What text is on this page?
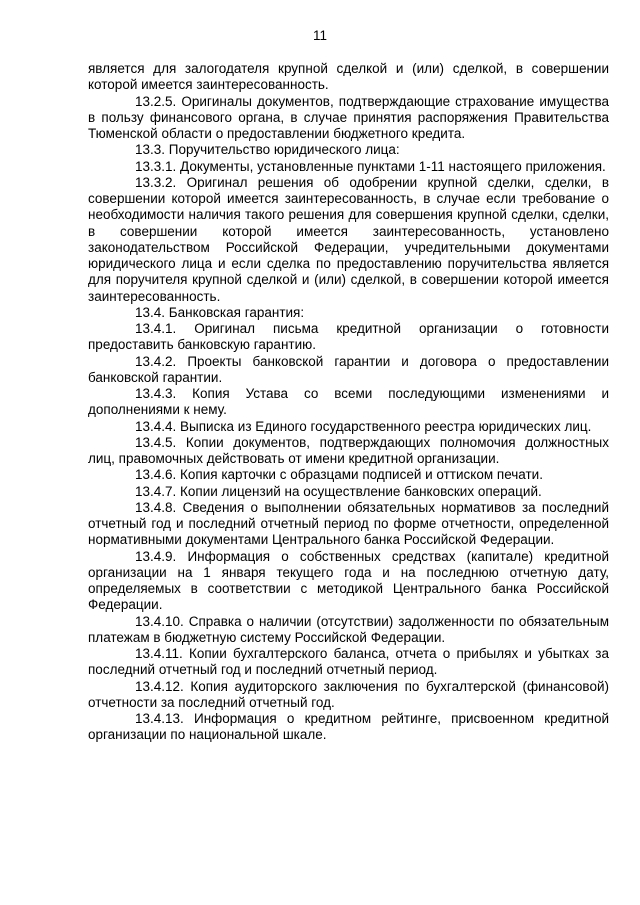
11

является для залогодателя крупной сделкой и (или) сделкой, в совершении которой имеется заинтересованность.

13.2.5. Оригиналы документов, подтверждающие страхование имущества в пользу финансового органа, в случае принятия распоряжения Правительства Тюменской области о предоставлении бюджетного кредита.

13.3. Поручительство юридического лица:

13.3.1. Документы, установленные пунктами 1-11 настоящего приложения.

13.3.2. Оригинал решения об одобрении крупной сделки, сделки, в совершении которой имеется заинтересованность, в случае если требование о необходимости наличия такого решения для совершения крупной сделки, сделки, в совершении которой имеется заинтересованность, установлено законодательством Российской Федерации, учредительными документами юридического лица и если сделка по предоставлению поручительства является для поручителя крупной сделкой и (или) сделкой, в совершении которой имеется заинтересованность.

13.4. Банковская гарантия:

13.4.1. Оригинал письма кредитной организации о готовности предоставить банковскую гарантию.

13.4.2. Проекты банковской гарантии и договора о предоставлении банковской гарантии.

13.4.3. Копия Устава со всеми последующими изменениями и дополнениями к нему.

13.4.4. Выписка из Единого государственного реестра юридических лиц.

13.4.5. Копии документов, подтверждающих полномочия должностных лиц, правомочных действовать от имени кредитной организации.

13.4.6. Копия карточки с образцами подписей и оттиском печати.

13.4.7. Копии лицензий на осуществление банковских операций.

13.4.8. Сведения о выполнении обязательных нормативов за последний отчетный год и последний отчетный период по форме отчетности, определенной нормативными документами Центрального банка Российской Федерации.

13.4.9. Информация о собственных средствах (капитале) кредитной организации на 1 января текущего года и на последнюю отчетную дату, определяемых в соответствии с методикой Центрального банка Российской Федерации.

13.4.10. Справка о наличии (отсутствии) задолженности по обязательным платежам в бюджетную систему Российской Федерации.

13.4.11. Копии бухгалтерского баланса, отчета о прибылях и убытках за последний отчетный год и последний отчетный период.

13.4.12. Копия аудиторского заключения по бухгалтерской (финансовой) отчетности за последний отчетный год.

13.4.13. Информация о кредитном рейтинге, присвоенном кредитной организации по национальной шкале.
